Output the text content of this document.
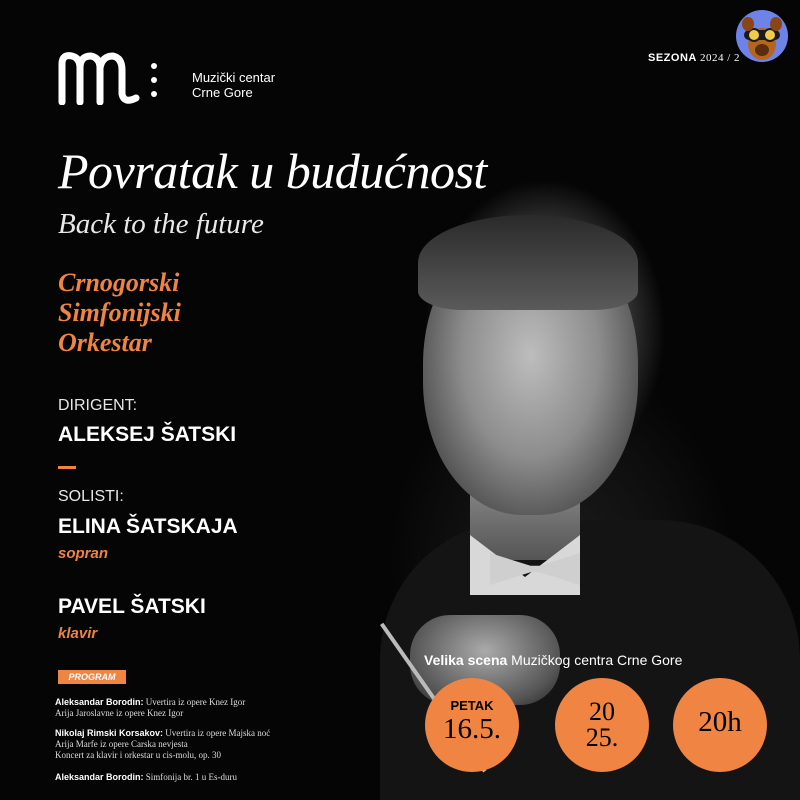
Muzički centar
Crne Gore
SEZONA 2024 / 2
Povratak u budućnost
Back to the future
Crnogorski
Simfonijski
Orkestar
DIRIGENT:
ALEKSEJ ŠATSKI
SOLISTI:
ELINA ŠATSKAJA
sopran
PAVEL ŠATSKI
klavir
PROGRAM
Aleksandar Borodin: Uvertira iz opere Knez Igor
Arija Jaroslavne iz opere Knez Igor
Nikolaj Rimski Korsakov: Uvertira iz opere Majska noć
Arija Marfe iz opere Carska nevjesta
Koncert za klavir i orkestar u cis-molu, op. 30
Aleksandar Borodin: Simfonija br. 1 u Es-duru
Velika scena Muzičkog centra Crne Gore
PETAK
16.5.
20
25.	20h
